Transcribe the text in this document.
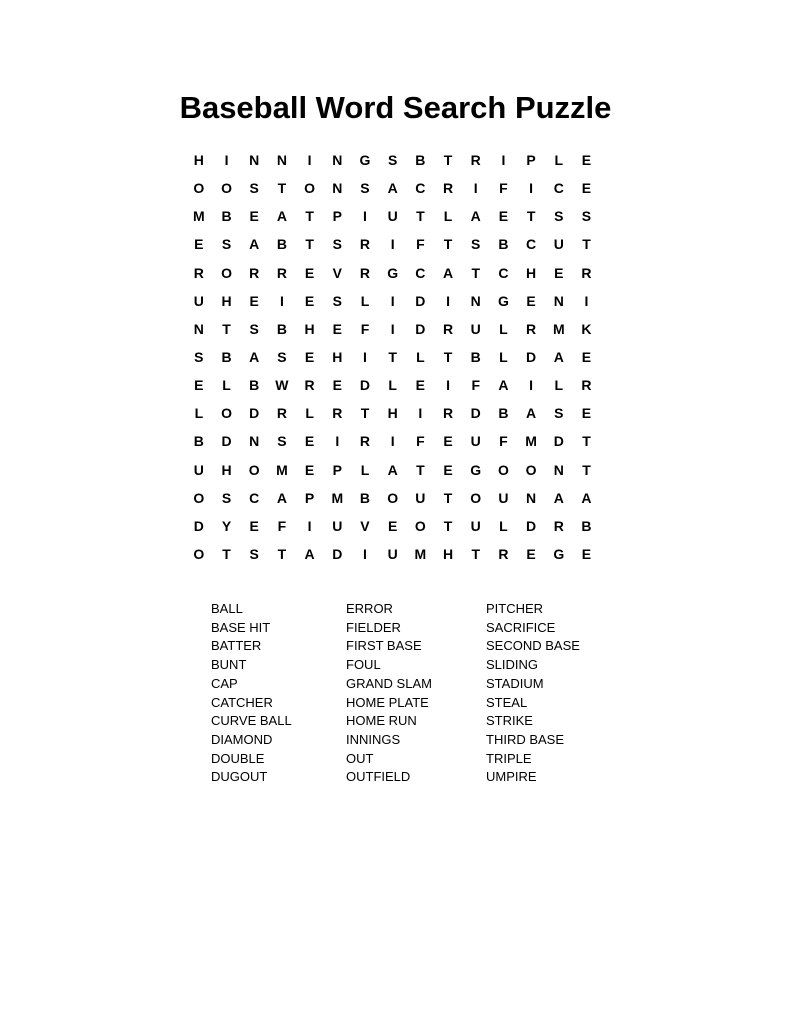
Baseball Word Search Puzzle
H	I	N	N	I	N	G	S	B	T	R	I	P	L	E
O	O	S	T	O	N	S	A	C	R	I	F	I	C	E
M	B	E	A	T	P	I	U	T	L	A	E	T	S	S
E	S	A	B	T	S	R	I	F	T	S	B	C	U	T
R	O	R	R	E	V	R	G	C	A	T	C	H	E	R
U	H	E	I	E	S	L	I	D	I	N	G	E	N	I
N	T	S	B	H	E	F	I	D	R	U	L	R	M	K
S	B	A	S	E	H	I	T	L	T	B	L	D	A	E
E	L	B	W	R	E	D	L	E	I	F	A	I	L	R
L	O	D	R	L	R	T	H	I	R	D	B	A	S	E
B	D	N	S	E	I	R	I	F	E	U	F	M	D	T
U	H	O	M	E	P	L	A	T	E	G	O	O	N	T
O	S	C	A	P	M	B	O	U	T	O	U	N	A	A
D	Y	E	F	I	U	V	E	O	T	U	L	D	R	B
O	T	S	T	A	D	I	U	M	H	T	R	E	G	E
BALL
BASE HIT
BATTER
BUNT
CAP
CATCHER
CURVE BALL
DIAMOND
DOUBLE
DUGOUT
ERROR
FIELDER
FIRST BASE
FOUL
GRAND SLAM
HOME PLATE
HOME RUN
INNINGS
OUT
OUTFIELD
PITCHER
SACRIFICE
SECOND BASE
SLIDING
STADIUM
STEAL
STRIKE
THIRD BASE
TRIPLE
UMPIRE
